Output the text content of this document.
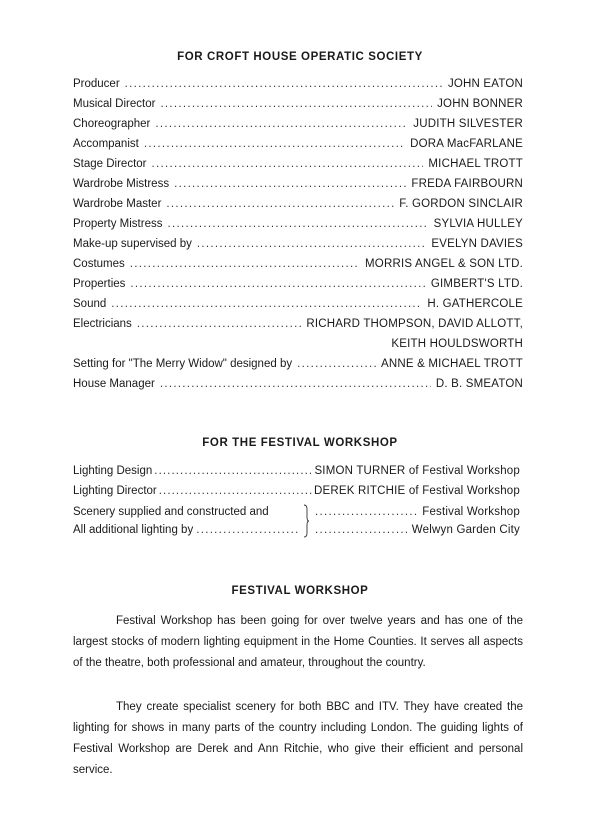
FOR CROFT HOUSE OPERATIC SOCIETY
Producer .....	JOHN EATON
Musical Director .....	JOHN BONNER
Choreographer .....	JUDITH SILVESTER
Accompanist .....	DORA MacFARLANE
Stage Director .....	MICHAEL TROTT
Wardrobe Mistress .....	FREDA FAIRBOURN
Wardrobe Master .....	F. GORDON SINCLAIR
Property Mistress .....	SYLVIA HULLEY
Make-up supervised by .....	EVELYN DAVIES
Costumes .....	MORRIS ANGEL & SON LTD.
Properties .....	GIMBERT'S LTD.
Sound .....	H. GATHERCOLE
Electricians .....	RICHARD THOMPSON, DAVID ALLOTT,
KEITH HOULDSWORTH
Setting for "The Merry Widow" designed by .....	ANNE & MICHAEL TROTT
House Manager .....	D. B. SMEATON
FOR THE FESTIVAL WORKSHOP
Lighting Design .....	SIMON TURNER of Festival Workshop
Lighting Director .....	DEREK RITCHIE of Festival Workshop
Scenery supplied and constructed and .....	Festival Workshop
All additional lighting by ..... .....	Welwyn Garden City
FESTIVAL WORKSHOP

Festival Workshop has been going for over twelve years and has one of the largest stocks of modern lighting equipment in the Home Counties. It serves all aspects of the theatre, both professional and amateur, throughout the country.

They create specialist scenery for both BBC and ITV. They have created the lighting for shows in many parts of the country including London. The guiding lights of Festival Workshop are Derek and Ann Ritchie, who give their efficient and personal service.
